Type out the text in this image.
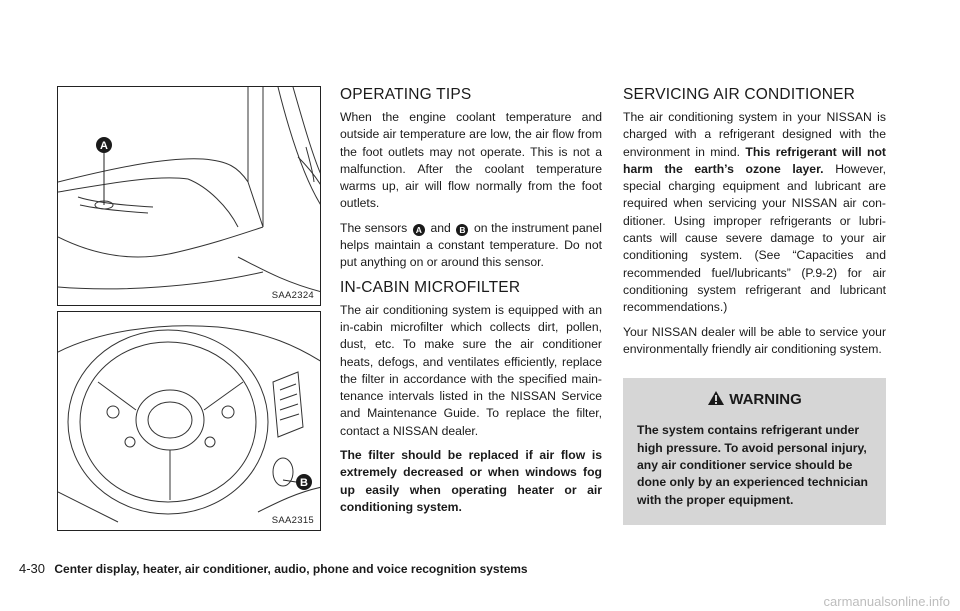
A
SAA2324
B
SAA2315
OPERATING TIPS

When the engine coolant temperature and outside air temperature are low, the air flow from the foot outlets may not operate. This is not a malfunction. After the coolant temperature warms up, air will flow normally from the foot outlets.

The sensors A and B on the instrument panel helps maintain a constant temperature. Do not put anything on or around this sensor.

IN-CABIN MICROFILTER

The air conditioning system is equipped with an in-cabin microfilter which collects dirt, pollen, dust, etc. To make sure the air conditioner heats, defogs, and ventilates efficiently, replace the filter in accordance with the specified main-tenance intervals listed in the NISSAN Service and Maintenance Guide. To replace the filter, contact a NISSAN dealer.

The filter should be replaced if air flow is extremely decreased or when windows fog up easily when operating heater or air conditioning system.

SERVICING AIR CONDITIONER

The air conditioning system in your NISSAN is charged with a refrigerant designed with the environment in mind. This refrigerant will not harm the earth’s ozone layer. However, special charging equipment and lubricant are required when servicing your NISSAN air con-ditioner. Using improper refrigerants or lubri-cants will cause severe damage to your air conditioning system. (See “Capacities and recommended fuel/lubricants” (P.9-2) for air conditioning system refrigerant and lubricant recommendations.)

Your NISSAN dealer will be able to service your environmentally friendly air conditioning system.

WARNING
The system contains refrigerant under high pressure. To avoid personal injury, any air conditioner service should be done only by an experienced technician with the proper equipment.
4-30 Center display, heater, air conditioner, audio, phone and voice recognition systems
carmanualsonline.info
